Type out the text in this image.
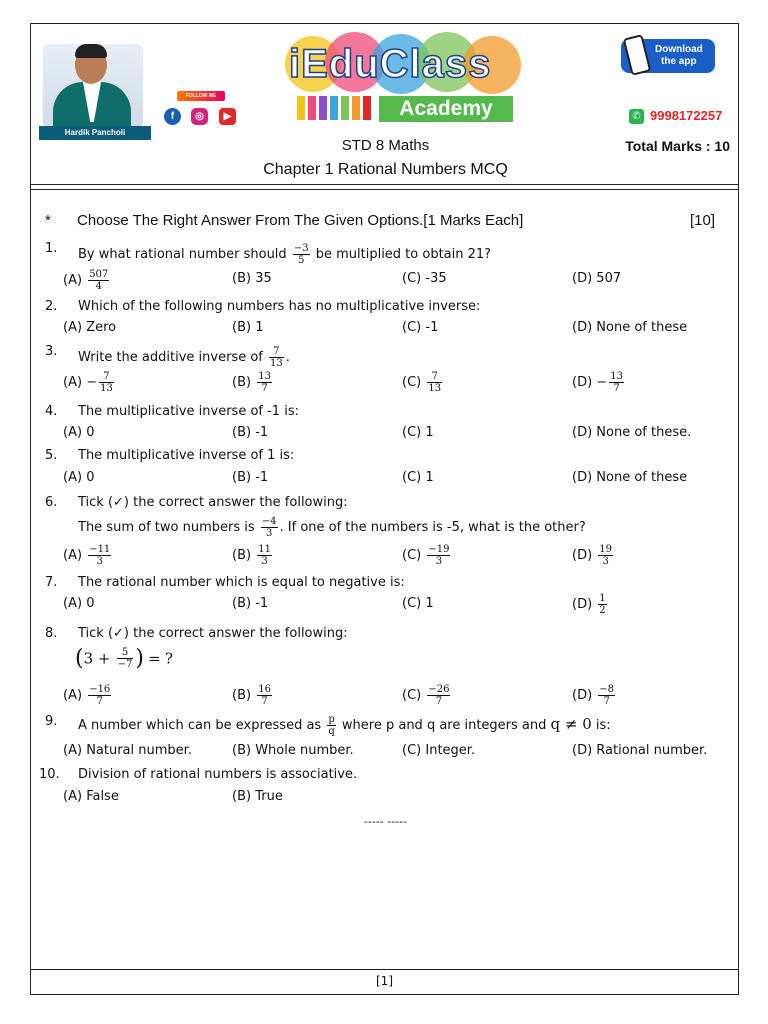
Hardik Pancholi
FOLLOW ME
f	◎	▶
iEduClass
Academy
Download
the app
✆ 9998172257
STD 8 Maths
Chapter 1 Rational Numbers MCQ
Total Marks : 10
* Choose The Right Answer From The Given Options.[1 Marks Each]	[10]
1. By what rational number should $\frac{-3}{5}$ be multiplied to obtain 21?
$(A) \frac{507}{4}$	(B) 35	(C) -35	(D) 507
2. Which of the following numbers has no multiplicative inverse:
(A) Zero	(B) 1	(C) -1	(D) None of these
3. Write the additive inverse of $\frac{7}{13}$ .
$(A) - \frac{7}{13}$	$(B) \frac{13}{7}$	$(C) \frac{7}{13}$	$(D) - \frac{13}{7}$
4. The multiplicative inverse of -1 is:
(A) 0	(B) -1	(C) 1	(D) None of these.
5. The multiplicative inverse of 1 is:
(A) 0	(B) -1	(C) 1	(D) None of these
6. Tick (✓) the correct answer the following:
The sum of two numbers is $\frac{-4}{3}$ . If one of the numbers is -5, what is the other?
$(A) \frac{-11}{3}$	$(B) \frac{11}{3}$	$(C) \frac{-19}{3}$	$(D) \frac{19}{3}$
7. The rational number which is equal to negative is:
(A) 0	(B) -1	(C) 1	$(D) \frac{1}{2}$
8. Tick (✓) the correct answer the following:
($3 + \frac{5}{-7}$ ) = ?
$(A) \frac{-16}{7}$	$(B) \frac{16}{7}$	$(C) \frac{-26}{7}$	$(D) \frac{-8}{7}$
9. A number which can be expressed as $\frac{p}{q}$ where p and q are integers and q ≠ 0 is:
(A) Natural number.	(B) Whole number.	(C) Integer.	(D) Rational number.
10. Division of rational numbers is associative.
(A) False	(B) True
----- -----
[1]
